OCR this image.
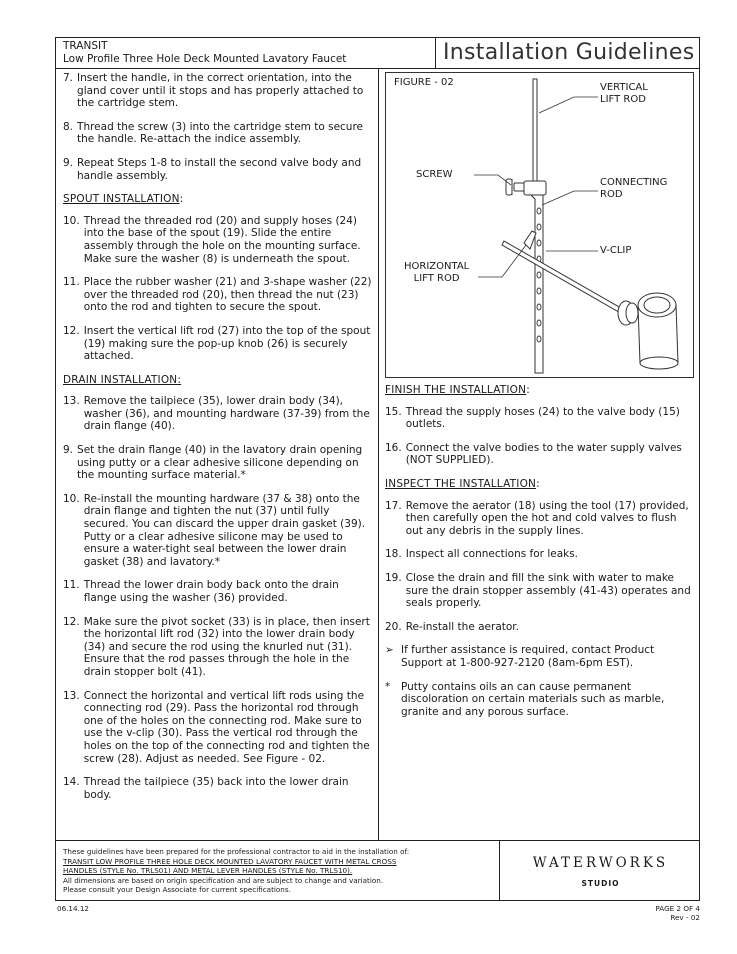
TRANSIT
Low Profile Three Hole Deck Mounted Lavatory Faucet	Installation Guidelines
7. Insert the handle, in the correct orientation, into the gland cover until it stops and has properly attached to the cartridge stem.
8. Thread the screw (3) into the cartridge stem to secure the handle. Re-attach the indice assembly.
9. Repeat Steps 1-8 to install the second valve body and handle assembly.
SPOUT INSTALLATION:
10. Thread the threaded rod (20) and supply hoses (24) into the base of the spout (19). Slide the entire assembly through the hole on the mounting surface. Make sure the washer (8) is underneath the spout.
11. Place the rubber washer (21) and 3-shape washer (22) over the threaded rod (20), then thread the nut (23) onto the rod and tighten to secure the spout.
12. Insert the vertical lift rod (27) into the top of the spout (19) making sure the pop-up knob (26) is securely attached.
DRAIN INSTALLATION:
13. Remove the tailpiece (35), lower drain body (34), washer (36), and mounting hardware (37-39) from the drain flange (40).
9. Set the drain flange (40) in the lavatory drain opening using putty or a clear adhesive silicone depending on the mounting surface material.*
10. Re-install the mounting hardware (37 & 38) onto the drain flange and tighten the nut (37) until fully secured. You can discard the upper drain gasket (39). Putty or a clear adhesive silicone may be used to ensure a water-tight seal between the lower drain gasket (38) and lavatory.*
11. Thread the lower drain body back onto the drain flange using the washer (36) provided.
12. Make sure the pivot socket (33) is in place, then insert the horizontal lift rod (32) into the lower drain body (34) and secure the rod using the knurled nut (31). Ensure that the rod passes through the hole in the drain stopper bolt (41).
13. Connect the horizontal and vertical lift rods using the connecting rod (29). Pass the horizontal rod through one of the holes on the connecting rod. Make sure to use the v-clip (30). Pass the vertical rod through the holes on the top of the connecting rod and tighten the screw (28). Adjust as needed. See Figure - 02.
14. Thread the tailpiece (35) back into the lower drain body.
FIGURE - 02	VERTICAL
LIFT ROD
SCREW
CONNECTING
ROD
V-CLIP
HORIZONTAL
LIFT ROD
FINISH THE INSTALLATION:
15. Thread the supply hoses (24) to the valve body (15) outlets.
16. Connect the valve bodies to the water supply valves (NOT SUPPLIED).
INSPECT THE INSTALLATION:
17. Remove the aerator (18) using the tool (17) provided, then carefully open the hot and cold valves to flush out any debris in the supply lines.
18. Inspect all connections for leaks.
19. Close the drain and fill the sink with water to make sure the drain stopper assembly (41-43) operates and seals properly.
20. Re-install the aerator.
➢ If further assistance is required, contact Product Support at 1-800-927-2120 (8am-6pm EST).
*	Putty contains oils an can cause permanent discoloration on certain materials such as marble, granite and any porous surface.
These guidelines have been prepared for the professional contractor to aid in the installation of:
TRANSIT LOW PROFILE THREE HOLE DECK MOUNTED LAVATORY FAUCET WITH METAL CROSS
HANDLES (STYLE No. TRLS01) AND METAL LEVER HANDLES (STYLE No. TRLS10).
All dimensions are based on origin specification and are subject to change and variation.
Please consult your Design Associate for current specifications.
WATERWORKS
STUDIO
06.14.12	PAGE 2 OF 4
Rev - 02
